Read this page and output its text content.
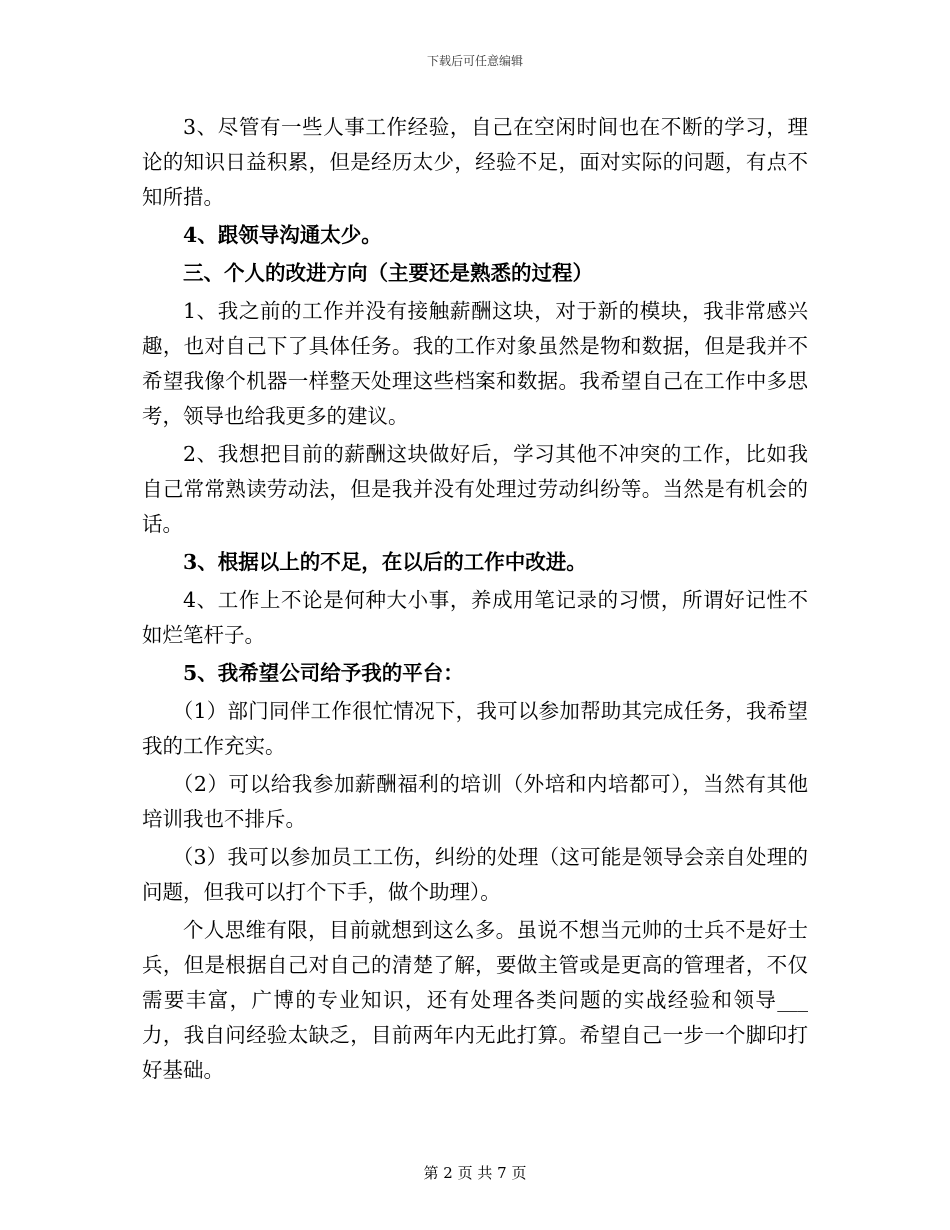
下载后可任意编辑

3、尽管有一些人事工作经验，自己在空闲时间也在不断的学习，理论的知识日益积累，但是经历太少，经验不足，面对实际的问题，有点不知所措。

4、跟领导沟通太少。

三、个人的改进方向（主要还是熟悉的过程）

1、我之前的工作并没有接触薪酬这块，对于新的模块，我非常感兴趣，也对自己下了具体任务。我的工作对象虽然是物和数据，但是我并不希望我像个机器一样整天处理这些档案和数据。我希望自己在工作中多思考，领导也给我更多的建议。

2、我想把目前的薪酬这块做好后，学习其他不冲突的工作，比如我自己常常熟读劳动法，但是我并没有处理过劳动纠纷等。当然是有机会的话。

3、根据以上的不足，在以后的工作中改进。

4、工作上不论是何种大小事，养成用笔记录的习惯，所谓好记性不如烂笔杆子。

5、我希望公司给予我的平台：

（1）部门同伴工作很忙情况下，我可以参加帮助其完成任务，我希望我的工作充实。

（2）可以给我参加薪酬福利的培训（外培和内培都可），当然有其他培训我也不排斥。

（3）我可以参加员工工伤，纠纷的处理（这可能是领导会亲自处理的问题，但我可以打个下手，做个助理）。

个人思维有限，目前就想到这么多。虽说不想当元帅的士兵不是好士兵，但是根据自己对自己的清楚了解，要做主管或是更高的管理者，不仅需要丰富，广博的专业知识，还有处理各类问题的实战经验和领导___力，我自问经验太缺乏，目前两年内无此打算。希望自己一步一个脚印打好基础。

第 2 页 共 7 页
